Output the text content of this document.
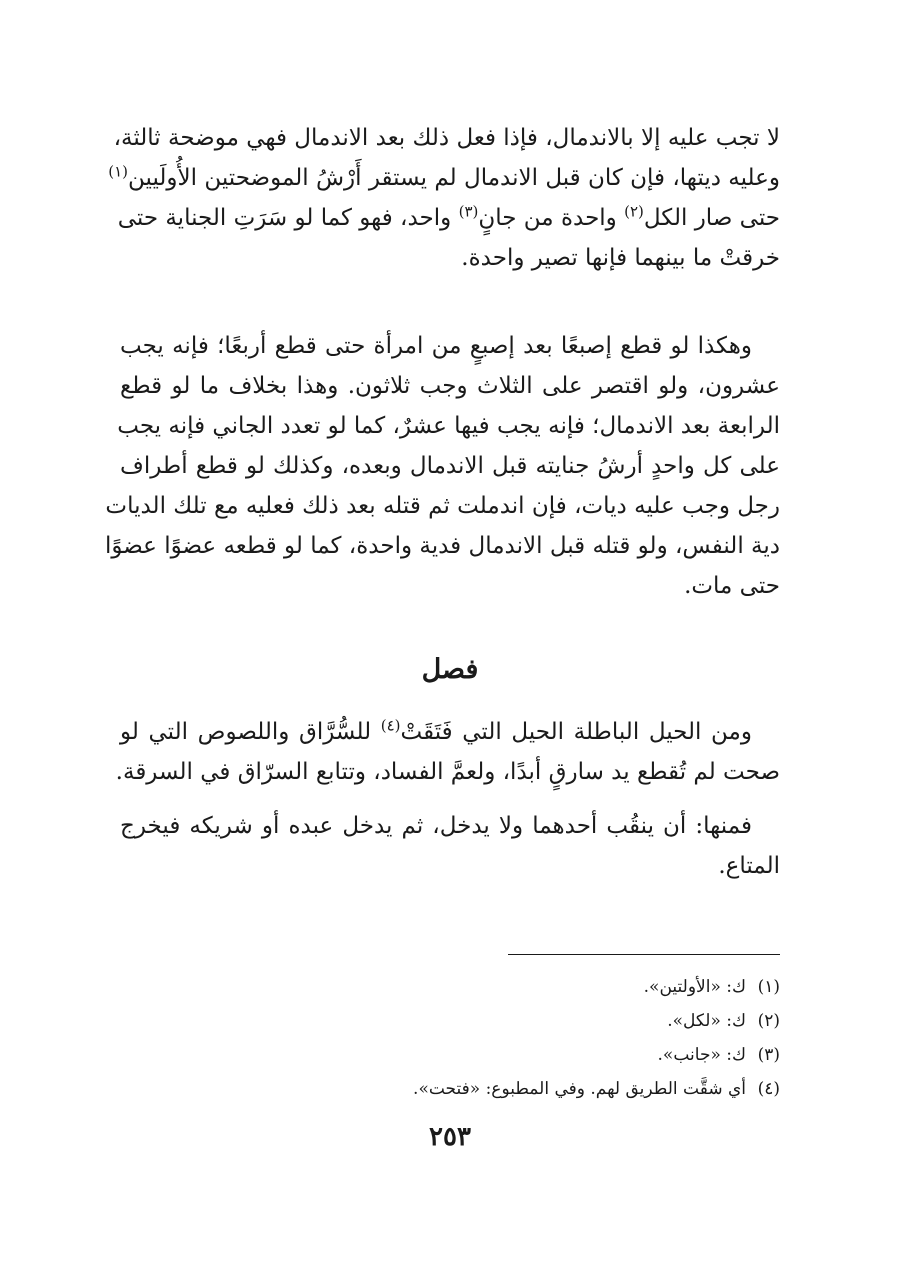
لا تجب عليه إلا بالاندمال، فإذا فعل ذلك بعد الاندمال فهي موضحة ثالثة،
وعليه ديتها، فإن كان قبل الاندمال لم يستقر أَرْشُ الموضحتين الأُولَيين$^{(١)}$
حتى صار الكل$^{(٢)}$ واحدة من جانٍ$^{(٣)}$ واحد، فهو كما لو سَرَتِ الجناية حتى
خرقتْ ما بينهما فإنها تصير واحدة.
وهكذا لو قطع إصبعًا بعد إصبعٍ من امرأة حتى قطع أربعًا؛ فإنه يجب
عشرون، ولو اقتصر على الثلاث وجب ثلاثون. وهذا بخلاف ما لو قطع
الرابعة بعد الاندمال؛ فإنه يجب فيها عشرٌ، كما لو تعدد الجاني فإنه يجب
على كل واحدٍ أرشُ جنايته قبل الاندمال وبعده، وكذلك لو قطع أطراف
رجل وجب عليه ديات، فإن اندملت ثم قتله بعد ذلك فعليه مع تلك الديات
دية النفس، ولو قتله قبل الاندمال فدية واحدة، كما لو قطعه عضوًا عضوًا
حتى مات.
فصل
ومن الحيل الباطلة الحيل التي فَتَقَتْ$^{(٤)}$ للسُّرَّاق واللصوص التي لو
صحت لم تُقطع يد سارقٍ أبدًا، ولعمَّ الفساد، وتتابع السرّاق في السرقة.
فمنها: أن ينقُب أحدهما ولا يدخل، ثم يدخل عبده أو شريكه فيخرج
المتاع.
(١)ك: «الأولتين».
(٢)ك: «لكل».
(٣)ك: «جانب».
(٤)أي شقَّت الطريق لهم. وفي المطبوع: «فتحت».
٢٥٣
